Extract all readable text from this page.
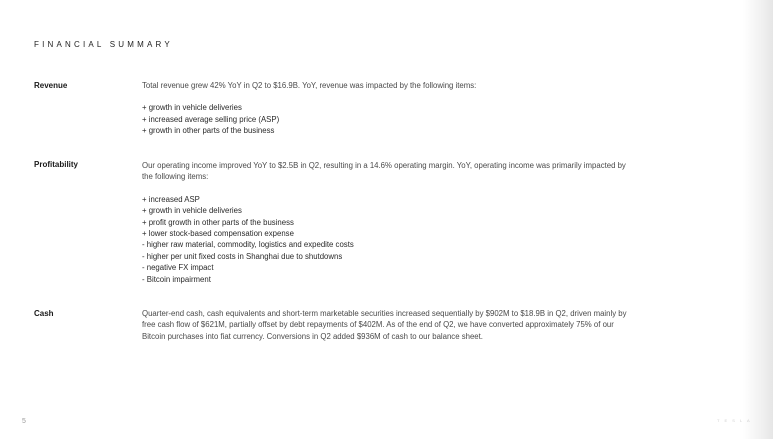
FINANCIAL SUMMARY
Revenue	Total revenue grew 42% YoY in Q2 to $16.9B. YoY, revenue was impacted by the following items:

+ growth in vehicle deliveries
+ increased average selling price (ASP)
+ growth in other parts of the business
Profitability	Our operating income improved YoY to $2.5B in Q2, resulting in a 14.6% operating margin. YoY, operating income was primarily impacted by the following items:

+ increased ASP
+ growth in vehicle deliveries
+ profit growth in other parts of the business
+ lower stock-based compensation expense
- higher raw material, commodity, logistics and expedite costs
- higher per unit fixed costs in Shanghai due to shutdowns
- negative FX impact
- Bitcoin impairment
Cash	Quarter-end cash, cash equivalents and short-term marketable securities increased sequentially by $902M to $18.9B in Q2, driven mainly by free cash flow of $621M, partially offset by debt repayments of $402M. As of the end of Q2, we have converted approximately 75% of our Bitcoin purchases into fiat currency. Conversions in Q2 added $936M of cash to our balance sheet.

5	T E S L A
